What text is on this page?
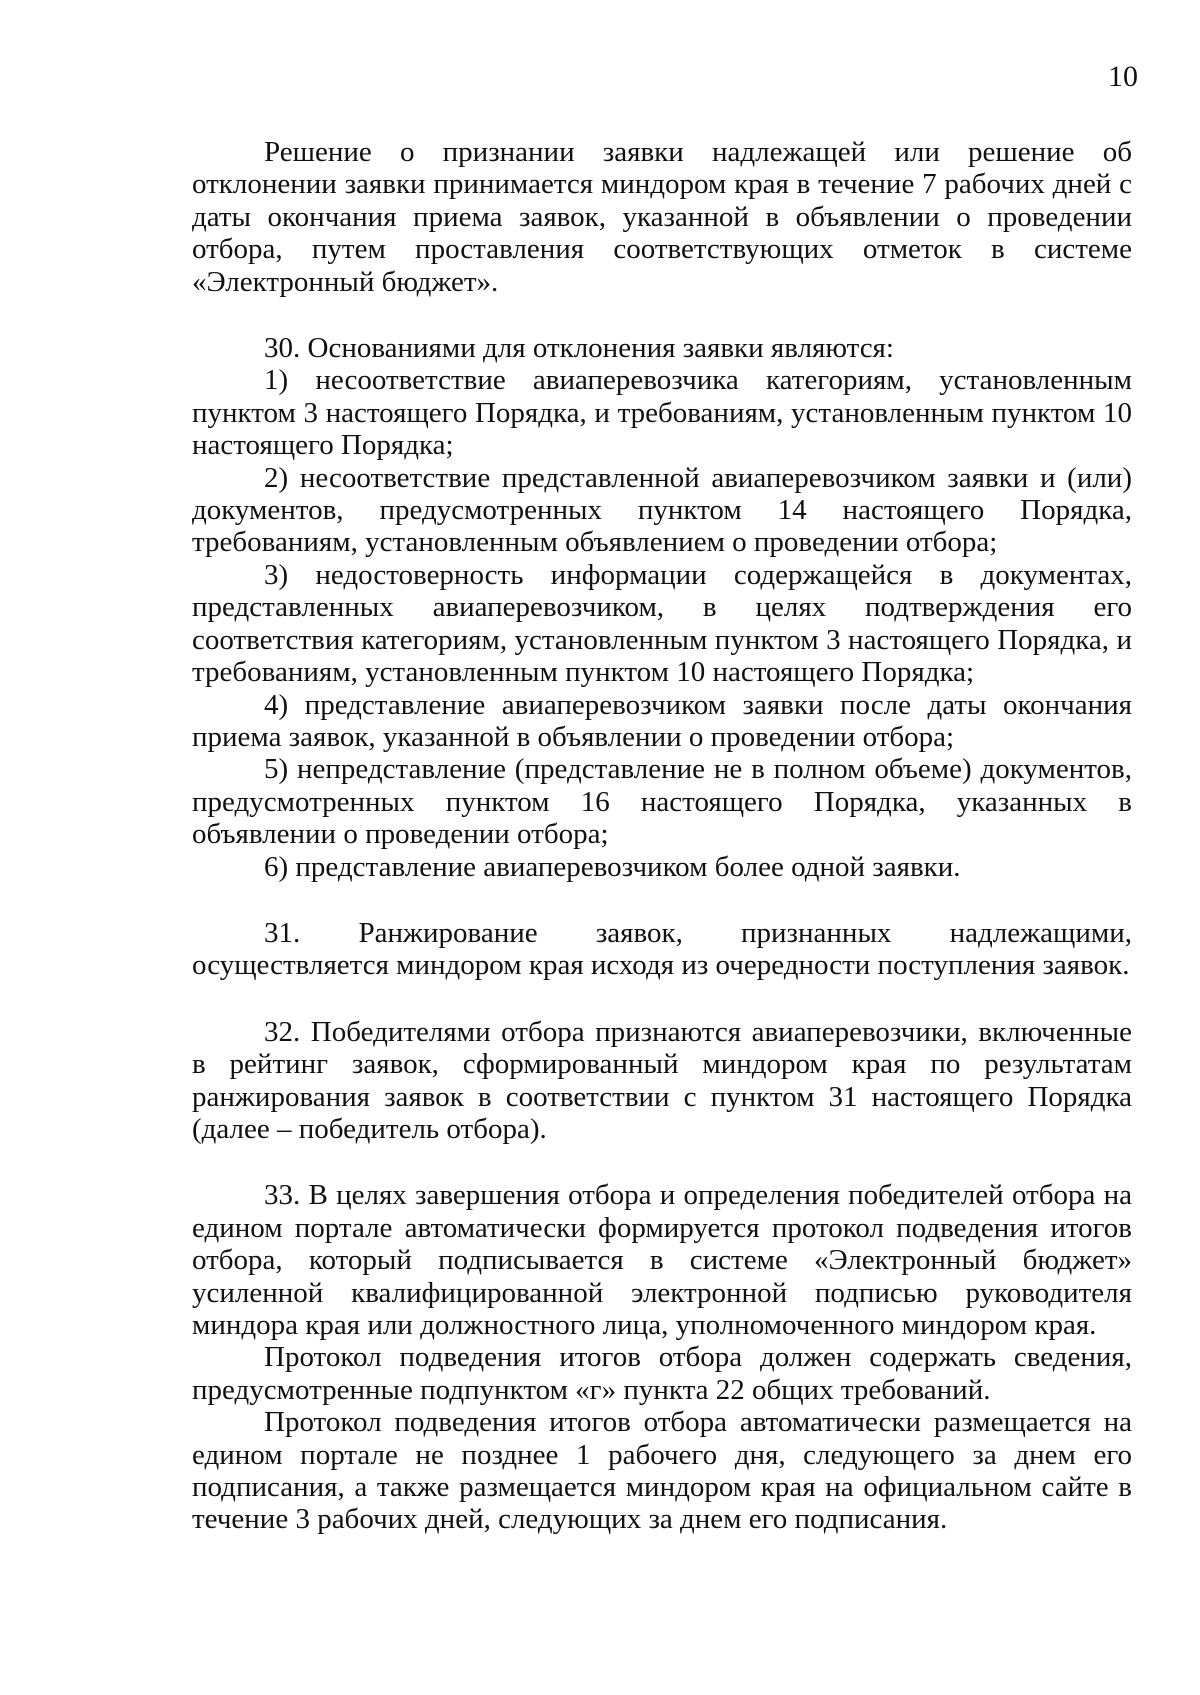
10

Решение о признании заявки надлежащей или решение об отклонении заявки принимается миндором края в течение 7 рабочих дней с даты окончания приема заявок, указанной в объявлении о проведении отбора, путем проставления соответствующих отметок в системе «Электронный бюджет».

30. Основаниями для отклонения заявки являются:

1) несоответствие авиаперевозчика категориям, установленным пунктом 3 настоящего Порядка, и требованиям, установленным пунктом 10 настоящего Порядка;

2) несоответствие представленной авиаперевозчиком заявки и (или) документов, предусмотренных пунктом 14 настоящего Порядка, требованиям, установленным объявлением о проведении отбора;

3) недостоверность информации содержащейся в документах, представленных авиаперевозчиком, в целях подтверждения его соответствия категориям, установленным пунктом 3 настоящего Порядка, и требованиям, установленным пунктом 10 настоящего Порядка;

4) представление авиаперевозчиком заявки после даты окончания приема заявок, указанной в объявлении о проведении отбора;

5) непредставление (представление не в полном объеме) документов, предусмотренных пунктом 16 настоящего Порядка, указанных в объявлении о проведении отбора;

6) представление авиаперевозчиком более одной заявки.

31. Ранжирование заявок, признанных надлежащими, осуществляется миндором края исходя из очередности поступления заявок.

32. Победителями отбора признаются авиаперевозчики, включенные в рейтинг заявок, сформированный миндором края по результатам ранжирования заявок в соответствии с пунктом 31 настоящего Порядка (далее – победитель отбора).

33. В целях завершения отбора и определения победителей отбора на едином портале автоматически формируется протокол подведения итогов отбора, который подписывается в системе «Электронный бюджет» усиленной квалифицированной электронной подписью руководителя миндора края или должностного лица, уполномоченного миндором края.

Протокол подведения итогов отбора должен содержать сведения, предусмотренные подпунктом «г» пункта 22 общих требований.

Протокол подведения итогов отбора автоматически размещается на едином портале не позднее 1 рабочего дня, следующего за днем его подписания, а также размещается миндором края на официальном сайте в течение 3 рабочих дней, следующих за днем его подписания.
